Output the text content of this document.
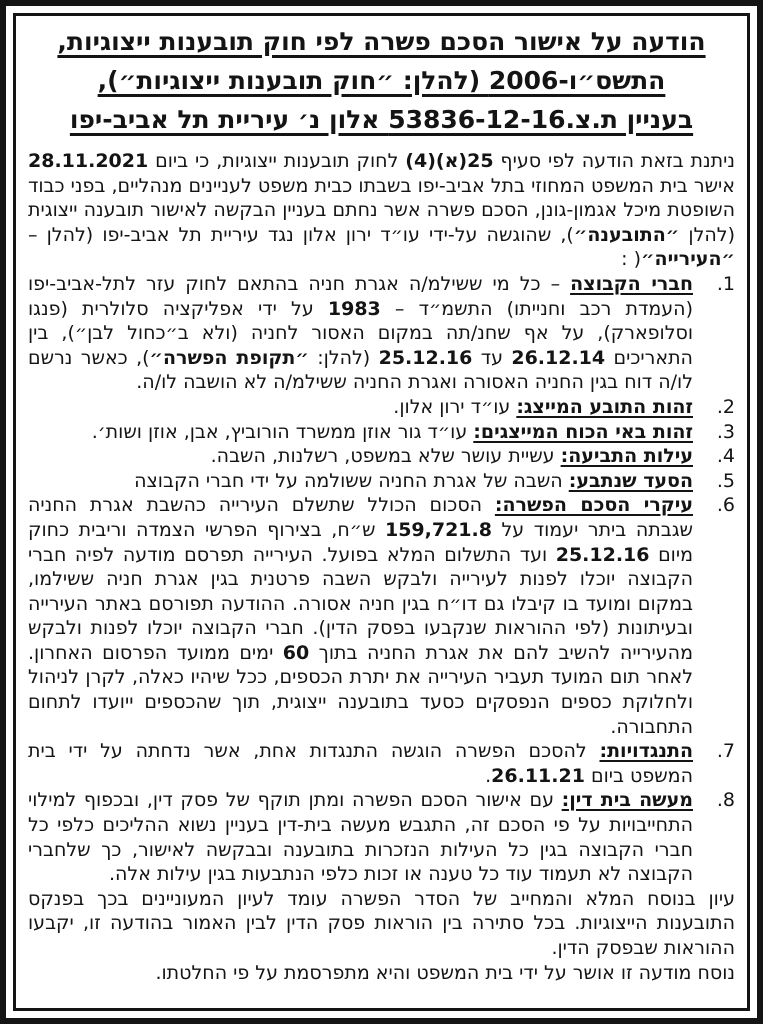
הודעה על אישור הסכם פשרה לפי חוק תובענות ייצוגיות,
התשס״ו-2006 (להלן: ״חוק תובענות ייצוגיות״),
בעניין ת.צ.53836-12-16 אלון נ׳ עיריית תל אביב-יפו

ניתנת בזאת הודעה לפי סעיף 25(א)(4) לחוק תובענות ייצוגיות, כי ביום 28.11.2021 אישר בית המשפט המחוזי בתל אביב-יפו בשבתו כבית משפט לעניינים מנהליים, בפני כבוד השופטת מיכל אגמון-גונן, הסכם פשרה אשר נחתם בעניין הבקשה לאישור תובענה ייצוגית (להלן ״התובענה״), שהוגשה על-ידי עו״ד ירון אלון נגד עיריית תל אביב-יפו (להלן – ״העירייה״( :

1.
חברי הקבוצה – כל מי ששילמ/ה אגרת חניה בהתאם לחוק עזר לתל-אביב-יפו (העמדת רכב וחנייתו) התשמ״ד – 1983 על ידי אפליקציה סלולרית (פנגו וסלופארק), על אף שחנ/תה במקום האסור לחניה (ולא ב״כחול לבן״), בין התאריכים 26.12.14 עד 25.12.16 (להלן: ״תקופת הפשרה״), כאשר נרשם לו/ה דוח בגין החניה האסורה ואגרת החניה ששילמ/ה לא הושבה לו/ה.
2.
זהות התובע המייצג: עו״ד ירון אלון.
3.
זהות באי הכוח המייצגים: עו״ד גור אוזן ממשרד הורוביץ, אבן, אוזן ושות׳.
4.
עילות התביעה: עשיית עושר שלא במשפט, רשלנות, השבה.
5.
הסעד שנתבע: השבה של אגרת החניה ששולמה על ידי חברי הקבוצה
6.
עיקרי הסכם הפשרה: הסכום הכולל שתשלם העירייה כהשבת אגרת החניה שגבתה ביתר יעמוד על 159,721.8 ש״ח, בצירוף הפרשי הצמדה וריבית כחוק מיום 25.12.16 ועד התשלום המלא בפועל. העירייה תפרסם מודעה לפיה חברי הקבוצה יוכלו לפנות לעירייה ולבקש השבה פרטנית בגין אגרת חניה ששילמו, במקום ומועד בו קיבלו גם דו״ח בגין חניה אסורה. ההודעה תפורסם באתר העירייה ובעיתונות (לפי ההוראות שנקבעו בפסק הדין). חברי הקבוצה יוכלו לפנות ולבקש מהעירייה להשיב להם את אגרת החניה בתוך 60 ימים ממועד הפרסום האחרון. לאחר תום המועד תעביר העירייה את יתרת הכספים, ככל שיהיו כאלה, לקרן לניהול ולחלוקת כספים הנפסקים כסעד בתובענה ייצוגית, תוך שהכספים ייועדו לתחום התחבורה.
7.
התנגדויות: להסכם הפשרה הוגשה התנגדות אחת, אשר נדחתה על ידי בית המשפט ביום 26.11.21.
8.
מעשה בית דין: עם אישור הסכם הפשרה ומתן תוקף של פסק דין, ובכפוף למילוי התחייבויות על פי הסכם זה, התגבש מעשה בית-דין בעניין נשוא ההליכים כלפי כל חברי הקבוצה בגין כל העילות הנזכרות בתובענה ובבקשה לאישור, כך שלחברי הקבוצה לא תעמוד עוד כל טענה או זכות כלפי הנתבעות בגין עילות אלה.

עיון בנוסח המלא והמחייב של הסדר הפשרה עומד לעיון המעוניינים בכך בפנקס התובענות הייצוגיות. בכל סתירה בין הוראות פסק הדין לבין האמור בהודעה זו, יקבעו ההוראות שבפסק הדין.

נוסח מודעה זו אושר על ידי בית המשפט והיא מתפרסמת על פי החלטתו.
